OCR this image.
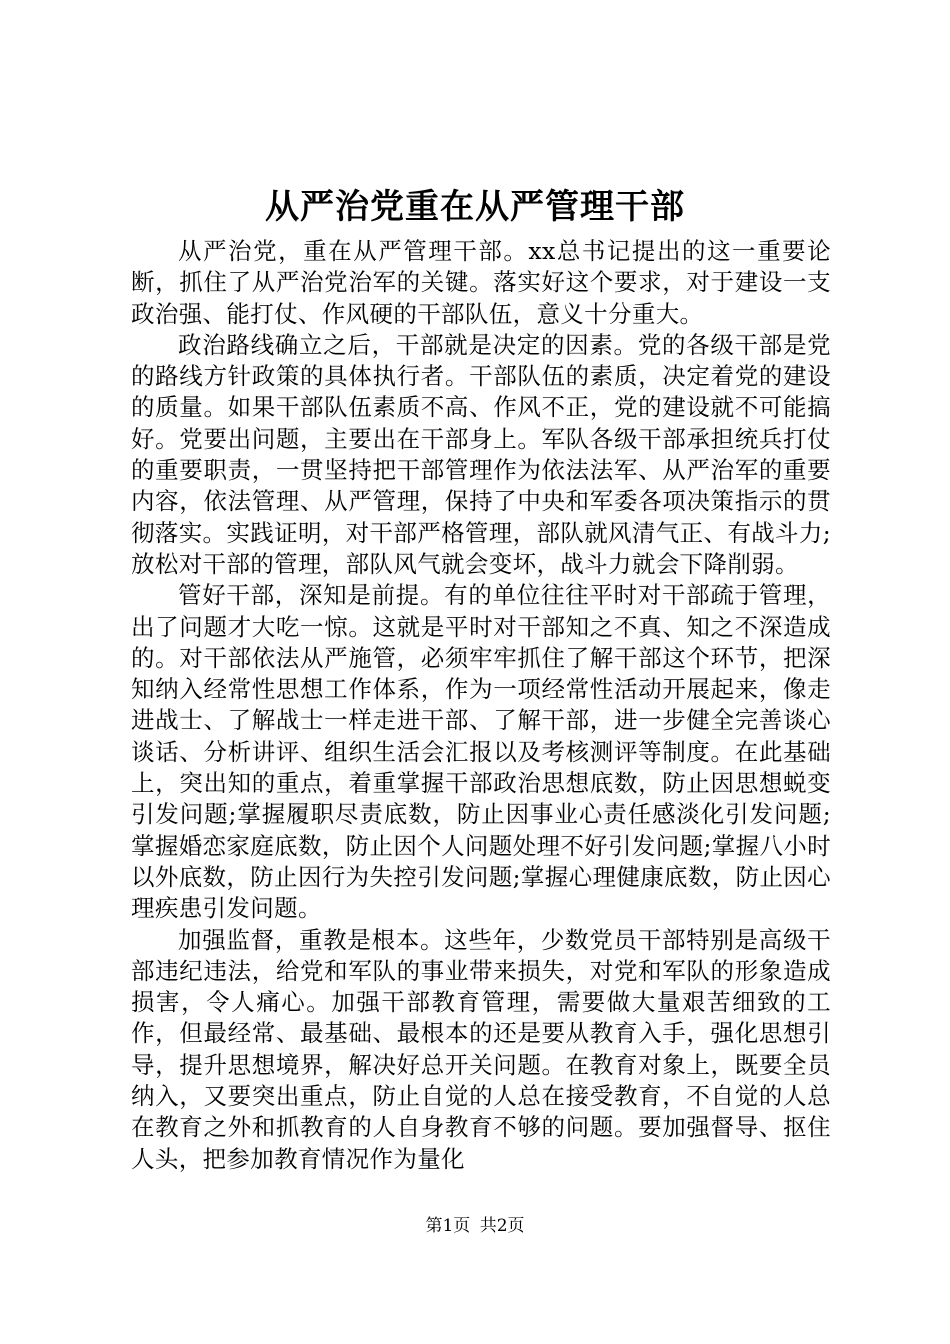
从严治党重在从严管理干部

从严治党，重在从严管理干部。xx总书记提出的这一重要论断，抓住了从严治党治军的关键。落实好这个要求，对于建设一支政治强、能打仗、作风硬的干部队伍，意义十分重大。

政治路线确立之后，干部就是决定的因素。党的各级干部是党的路线方针政策的具体执行者。干部队伍的素质，决定着党的建设的质量。如果干部队伍素质不高、作风不正，党的建设就不可能搞好。党要出问题，主要出在干部身上。军队各级干部承担统兵打仗的重要职责，一贯坚持把干部管理作为依法法军、从严治军的重要内容，依法管理、从严管理，保持了中央和军委各项决策指示的贯彻落实。实践证明，对干部严格管理，部队就风清气正、有战斗力;放松对干部的管理，部队风气就会变坏，战斗力就会下降削弱。

管好干部，深知是前提。有的单位往往平时对干部疏于管理，出了问题才大吃一惊。这就是平时对干部知之不真、知之不深造成的。对干部依法从严施管，必须牢牢抓住了解干部这个环节，把深知纳入经常性思想工作体系，作为一项经常性活动开展起来，像走进战士、了解战士一样走进干部、了解干部，进一步健全完善谈心谈话、分析讲评、组织生活会汇报以及考核测评等制度。在此基础上，突出知的重点，着重掌握干部政治思想底数，防止因思想蜕变引发问题;掌握履职尽责底数，防止因事业心责任感淡化引发问题;掌握婚恋家庭底数，防止因个人问题处理不好引发问题;掌握八小时以外底数，防止因行为失控引发问题;掌握心理健康底数，防止因心理疾患引发问题。

加强监督，重教是根本。这些年，少数党员干部特别是高级干部违纪违法，给党和军队的事业带来损失，对党和军队的形象造成损害，令人痛心。加强干部教育管理，需要做大量艰苦细致的工作，但最经常、最基础、最根本的还是要从教育入手，强化思想引导，提升思想境界，解决好总开关问题。在教育对象上，既要全员纳入，又要突出重点，防止自觉的人总在接受教育，不自觉的人总在教育之外和抓教育的人自身教育不够的问题。要加强督导、抠住人头，把参加教育情况作为量化

第1页 共2页
